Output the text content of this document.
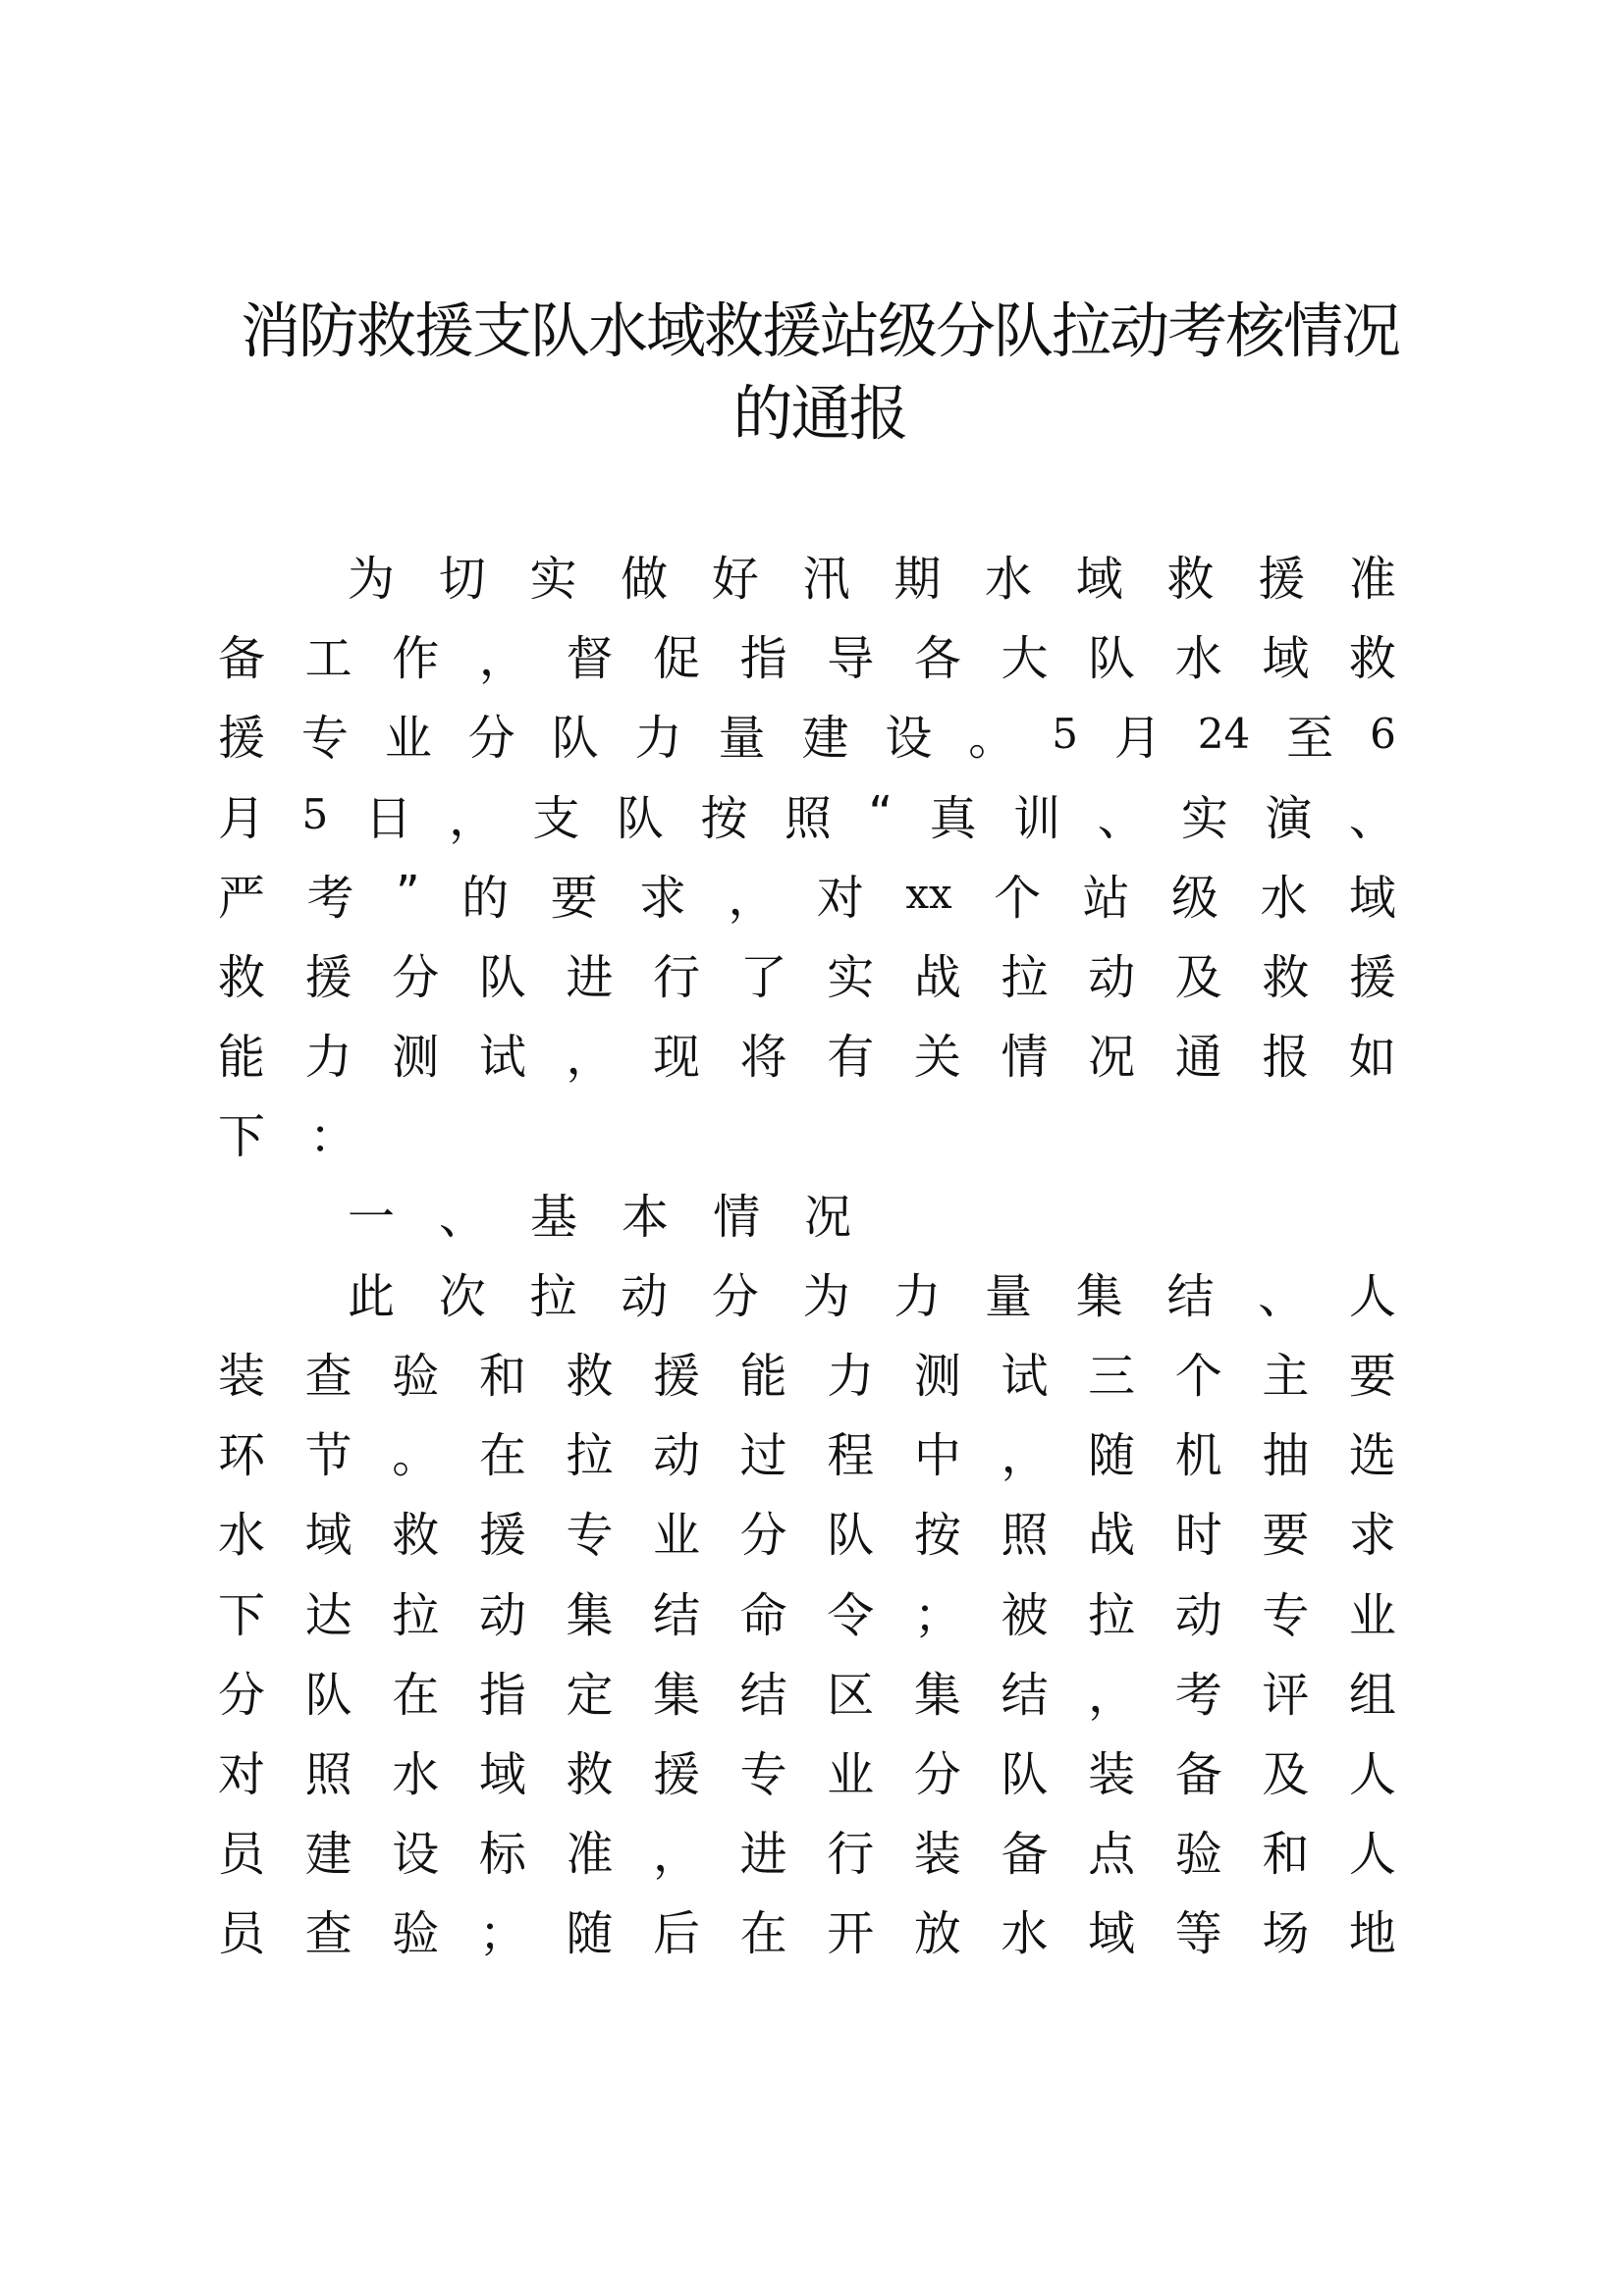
消防救援支队水域救援站级分队拉动考核情况
的通报
为 切 实 做 好 汛 期 水 域 救 援 准
备 工 作 ， 督 促 指 导 各 大 队 水 域 救
援 专 业 分 队 力 量 建 设 。 5 月 24 至 6
月 5 日 ， 支 队 按 照 “ 真 训 、 实 演 、
严 考 ” 的 要 求 ， 对 xx 个 站 级 水 域
救 援 分 队 进 行 了 实 战 拉 动 及 救 援
能 力 测 试 ， 现 将 有 关 情 况 通 报 如
下 ：
一 、 基 本 情 况
此 次 拉 动 分 为 力 量 集 结 、 人
装 查 验 和 救 援 能 力 测 试 三 个 主 要
环 节 。 在 拉 动 过 程 中 ， 随 机 抽 选
水 域 救 援 专 业 分 队 按 照 战 时 要 求
下 达 拉 动 集 结 命 令 ； 被 拉 动 专 业
分 队 在 指 定 集 结 区 集 结 ， 考 评 组
对 照 水 域 救 援 专 业 分 队 装 备 及 人
员 建 设 标 准 ， 进 行 装 备 点 验 和 人
员 查 验 ； 随 后 在 开 放 水 域 等 场 地
